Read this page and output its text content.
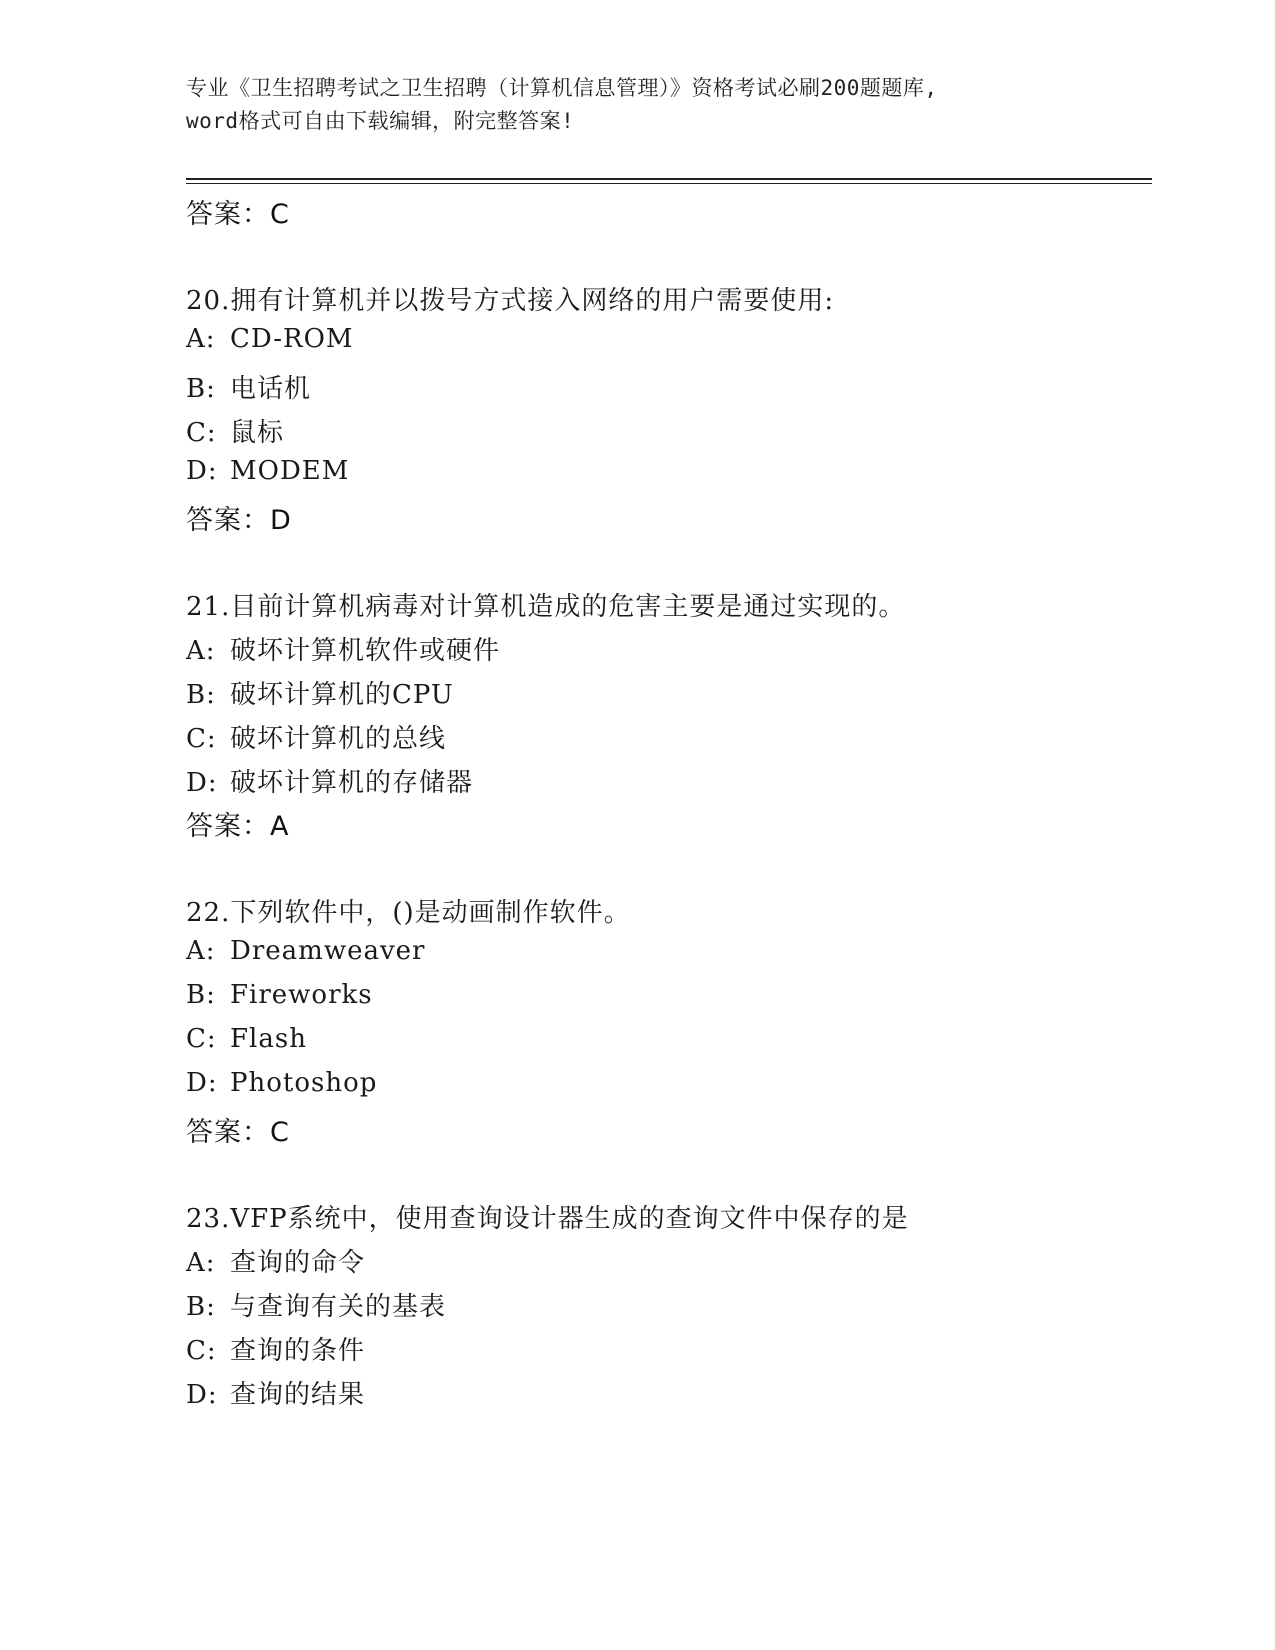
专业《卫生招聘考试之卫生招聘（计算机信息管理）》资格考试必刷200题题库,
word格式可自由下载编辑，附完整答案!
答案：C
20.拥有计算机并以拨号方式接入网络的用户需要使用:
A: CD-ROM
B: 电话机
C: 鼠标
D: MODEM
答案：D
21.目前计算机病毒对计算机造成的危害主要是通过实现的。
A: 破坏计算机软件或硬件
B: 破坏计算机的CPU
C: 破坏计算机的总线
D: 破坏计算机的存储器
答案：A
22.下列软件中，()是动画制作软件。
A: Dreamweaver
B: Fireworks
C: Flash
D: Photoshop
答案：C
23.VFP系统中，使用查询设计器生成的查询文件中保存的是
A: 查询的命令
B: 与查询有关的基表
C: 查询的条件
D: 查询的结果
